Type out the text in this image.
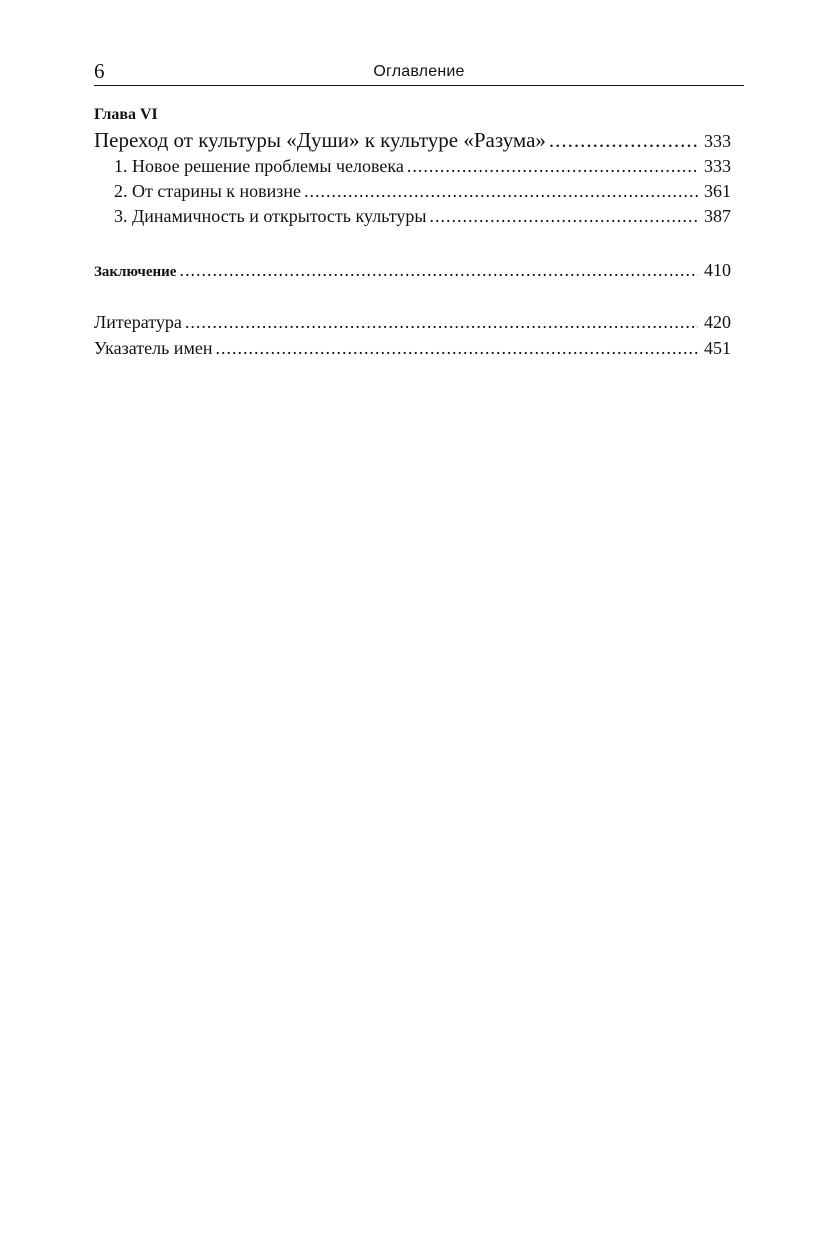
6	Оглавление
Глава VI
Переход от культуры «Души» к культуре «Разума» .....	333
1. Новое решение проблемы человека .....	333
2. От старины к новизне .....	361
3. Динамичность и открытость культуры .....	387
Заключение .....	410
Литература .....	420
Указатель имен .....	451
